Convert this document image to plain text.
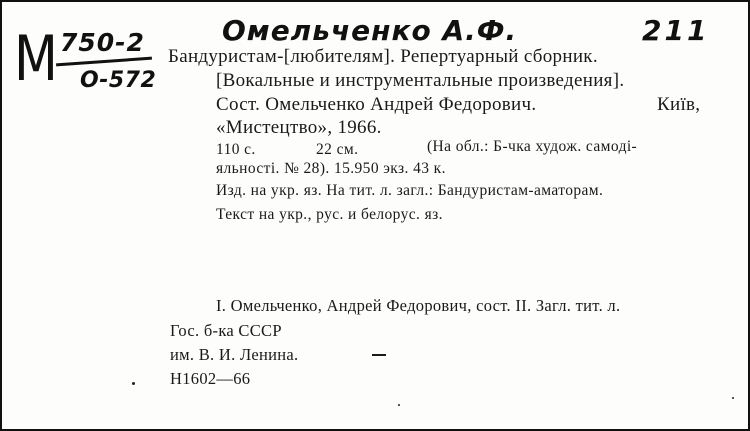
М 750-2
О-572
Омельченко А.Ф.	211
Бандуристам-[любителям]. Репертуарный сборник.
[Вокальные и инструментальные произведения].
Сост. Омельченко Андрей Федорович.	Київ,
«Мистецтво», 1966.
110 с.	22 см.	(На обл.: Б-чка худож. самоді-
яльності. № 28). 15.950 экз. 43 к.
Изд. на укр. яз. На тит. л. загл.: Бандуристам-аматорам.
Текст на укр., рус. и белорус. яз.
I. Омельченко, Андрей Федорович, сост. II. Загл. тит. л.
Гос. б-ка СССР
им. В. И. Ленина.
Н1602—66
